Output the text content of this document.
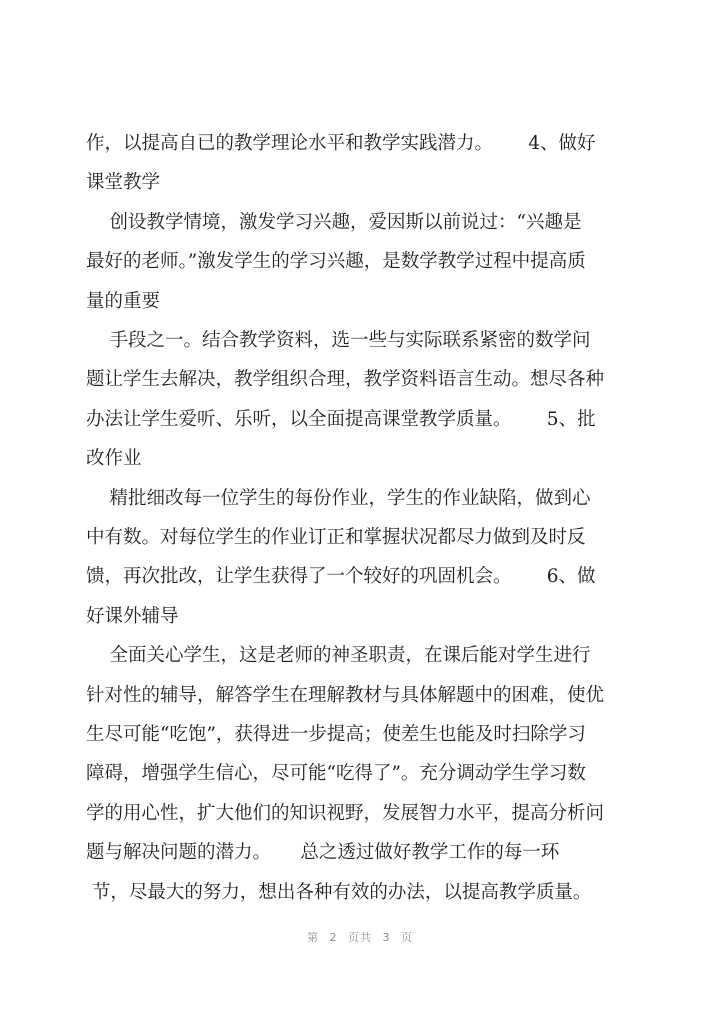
作，以提高自已的教学理论水平和教学实践潜力。      4、做好
课堂教学
创设教学情境，激发学习兴趣，爱因斯以前说过：“兴趣是
最好的老师。”激发学生的学习兴趣，是数学教学过程中提高质
量的重要
手段之一。结合教学资料，选一些与实际联系紧密的数学问
题让学生去解决，教学组织合理，教学资料语言生动。想尽各种
办法让学生爱听、乐听，以全面提高课堂教学质量。      5、批
改作业
精批细改每一位学生的每份作业，学生的作业缺陷，做到心
中有数。对每位学生的作业订正和掌握状况都尽力做到及时反
馈，再次批改，让学生获得了一个较好的巩固机会。      6、做
好课外辅导
全面关心学生，这是老师的神圣职责，在课后能对学生进行
针对性的辅导，解答学生在理解教材与具体解题中的困难，使优
生尽可能“吃饱”，获得进一步提高；使差生也能及时扫除学习
障碍，增强学生信心，尽可能“吃得了”。充分调动学生学习数
学的用心性，扩大他们的知识视野，发展智力水平，提高分析问
题与解决问题的潜力。     总之透过做好教学工作的每一环
节，尽最大的努力，想出各种有效的办法，以提高教学质量。
第 2 页共 3 页
